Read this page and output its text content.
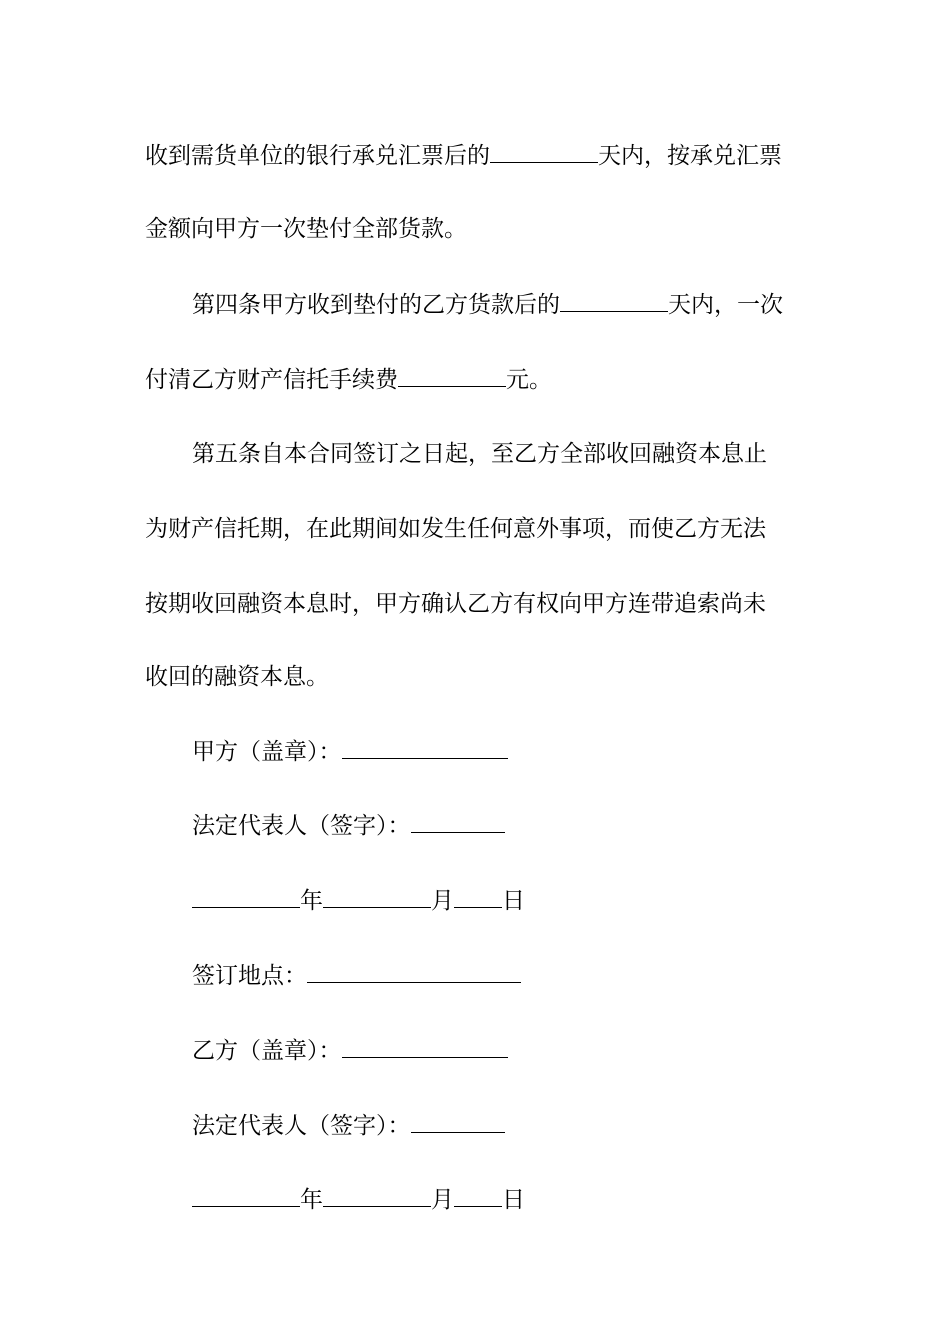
收到需货单位的银行承兑汇票后的	天内，按承兑汇票
金额向甲方一次垫付全部货款。
第四条甲方收到垫付的乙方货款后的	天内，一次
付清乙方财产信托手续费	元。
第五条自本合同签订之日起，至乙方全部收回融资本息止
为财产信托期，在此期间如发生任何意外事项，而使乙方无法
按期收回融资本息时，甲方确认乙方有权向甲方连带追索尚未
收回的融资本息。
甲方（盖章）：
法定代表人（签字）：
年	月 日
签订地点：
乙方（盖章）：
法定代表人（签字）：
年	月 日
